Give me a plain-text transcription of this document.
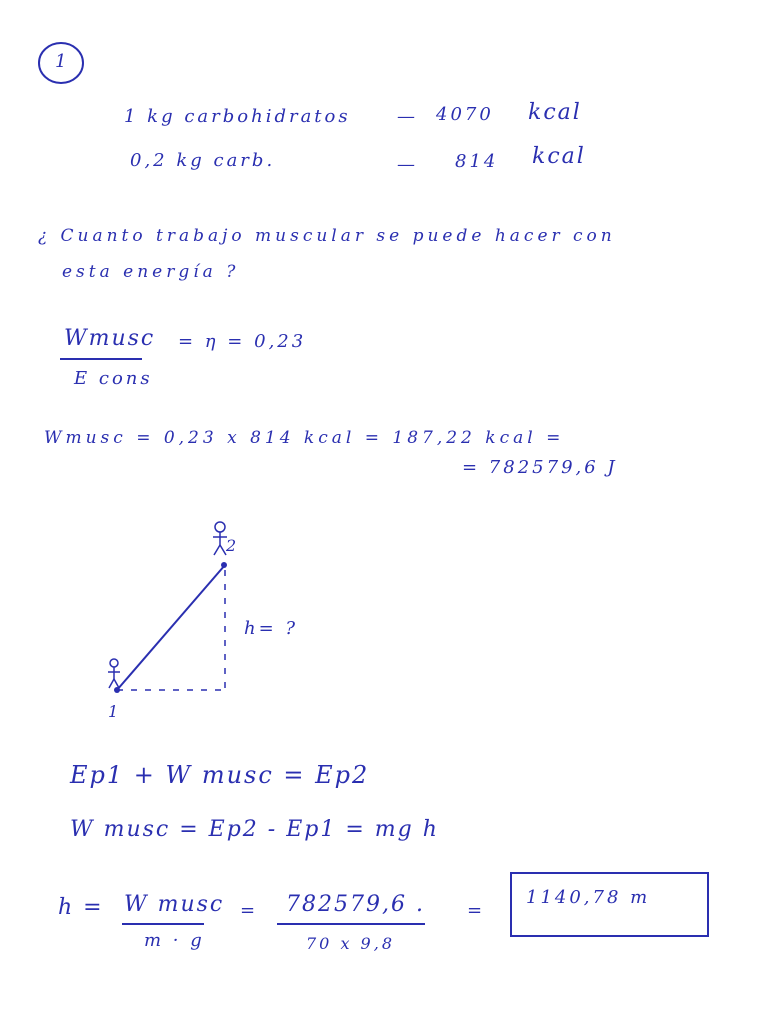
1
1 kg carbohidratos	— 4070 kcal
0,2 kg carb.	— 814 kcal
¿ Cuanto trabajo muscular se puede hacer con
esta energía ?
Wmusc
E cons
= η = 0,23
Wmusc = 0,23 x 814 kcal = 187,22 kcal =
= 782579,6 J
1
2
h= ?
Ep1 + W musc = Ep2
W musc = Ep2 - Ep1 = mg h
h = W musc
m · g
= 782579,6 .
70 x 9,8
=
1140,78 m
